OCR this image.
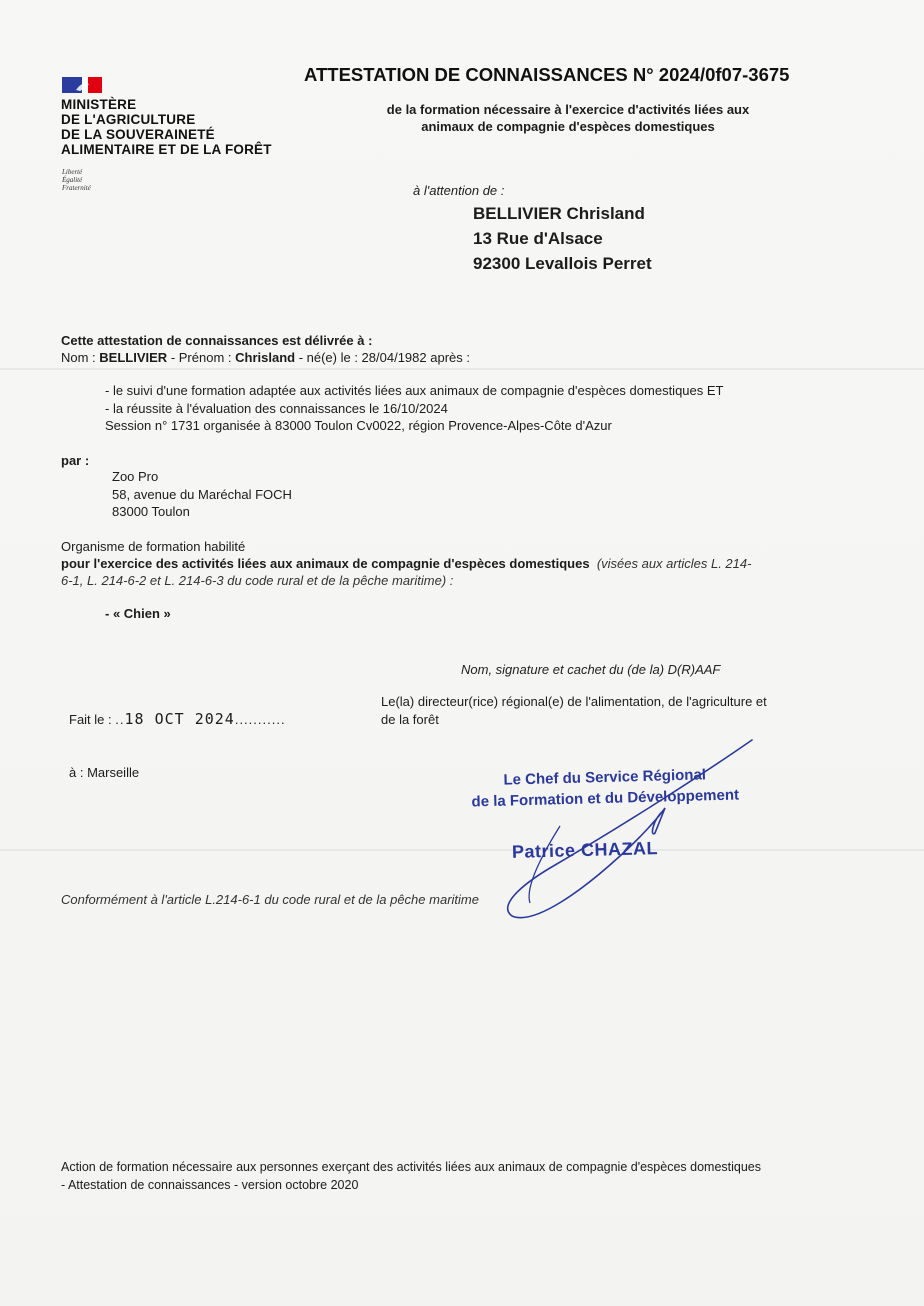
MINISTÈRE
DE L'AGRICULTURE
DE LA SOUVERAINETÉ
ALIMENTAIRE ET DE LA FORÊT
Liberté
Égalité
Fraternité
ATTESTATION DE CONNAISSANCES N° 2024/0f07-3675
de la formation nécessaire à l'exercice d'activités liées aux
animaux de compagnie d'espèces domestiques
à l'attention de :
BELLIVIER Chrisland
13 Rue d'Alsace
92300 Levallois Perret
Cette attestation de connaissances est délivrée à :
Nom : BELLIVIER - Prénom : Chrisland - né(e) le : 28/04/1982 après :
- le suivi d'une formation adaptée aux activités liées aux animaux de compagnie d'espèces domestiques ET
- la réussite à l'évaluation des connaissances le 16/10/2024
Session n° 1731 organisée à 83000 Toulon Cv0022, région Provence-Alpes-Côte d'Azur
par :
Zoo Pro
58, avenue du Maréchal FOCH
83000 Toulon
Organisme de formation habilité
pour l'exercice des activités liées aux animaux de compagnie d'espèces domestiques (visées aux articles L. 214-
6-1, L. 214-6-2 et L. 214-6-3 du code rural et de la pêche maritime) :
- « Chien »
Nom, signature et cachet du (de la) D(R)AAF
Le(la) directeur(rice) régional(e) de l'alimentation, de l'agriculture et
de la forêt
Fait le : ..18 OCT 2024...........
à : Marseille	Le Chef du Service Régional
de la Formation et du Développement
Patrice CHAZAL
Conformément à l'article L.214-6-1 du code rural et de la pêche maritime
Action de formation nécessaire aux personnes exerçant des activités liées aux animaux de compagnie d'espèces domestiques
- Attestation de connaissances - version octobre 2020
